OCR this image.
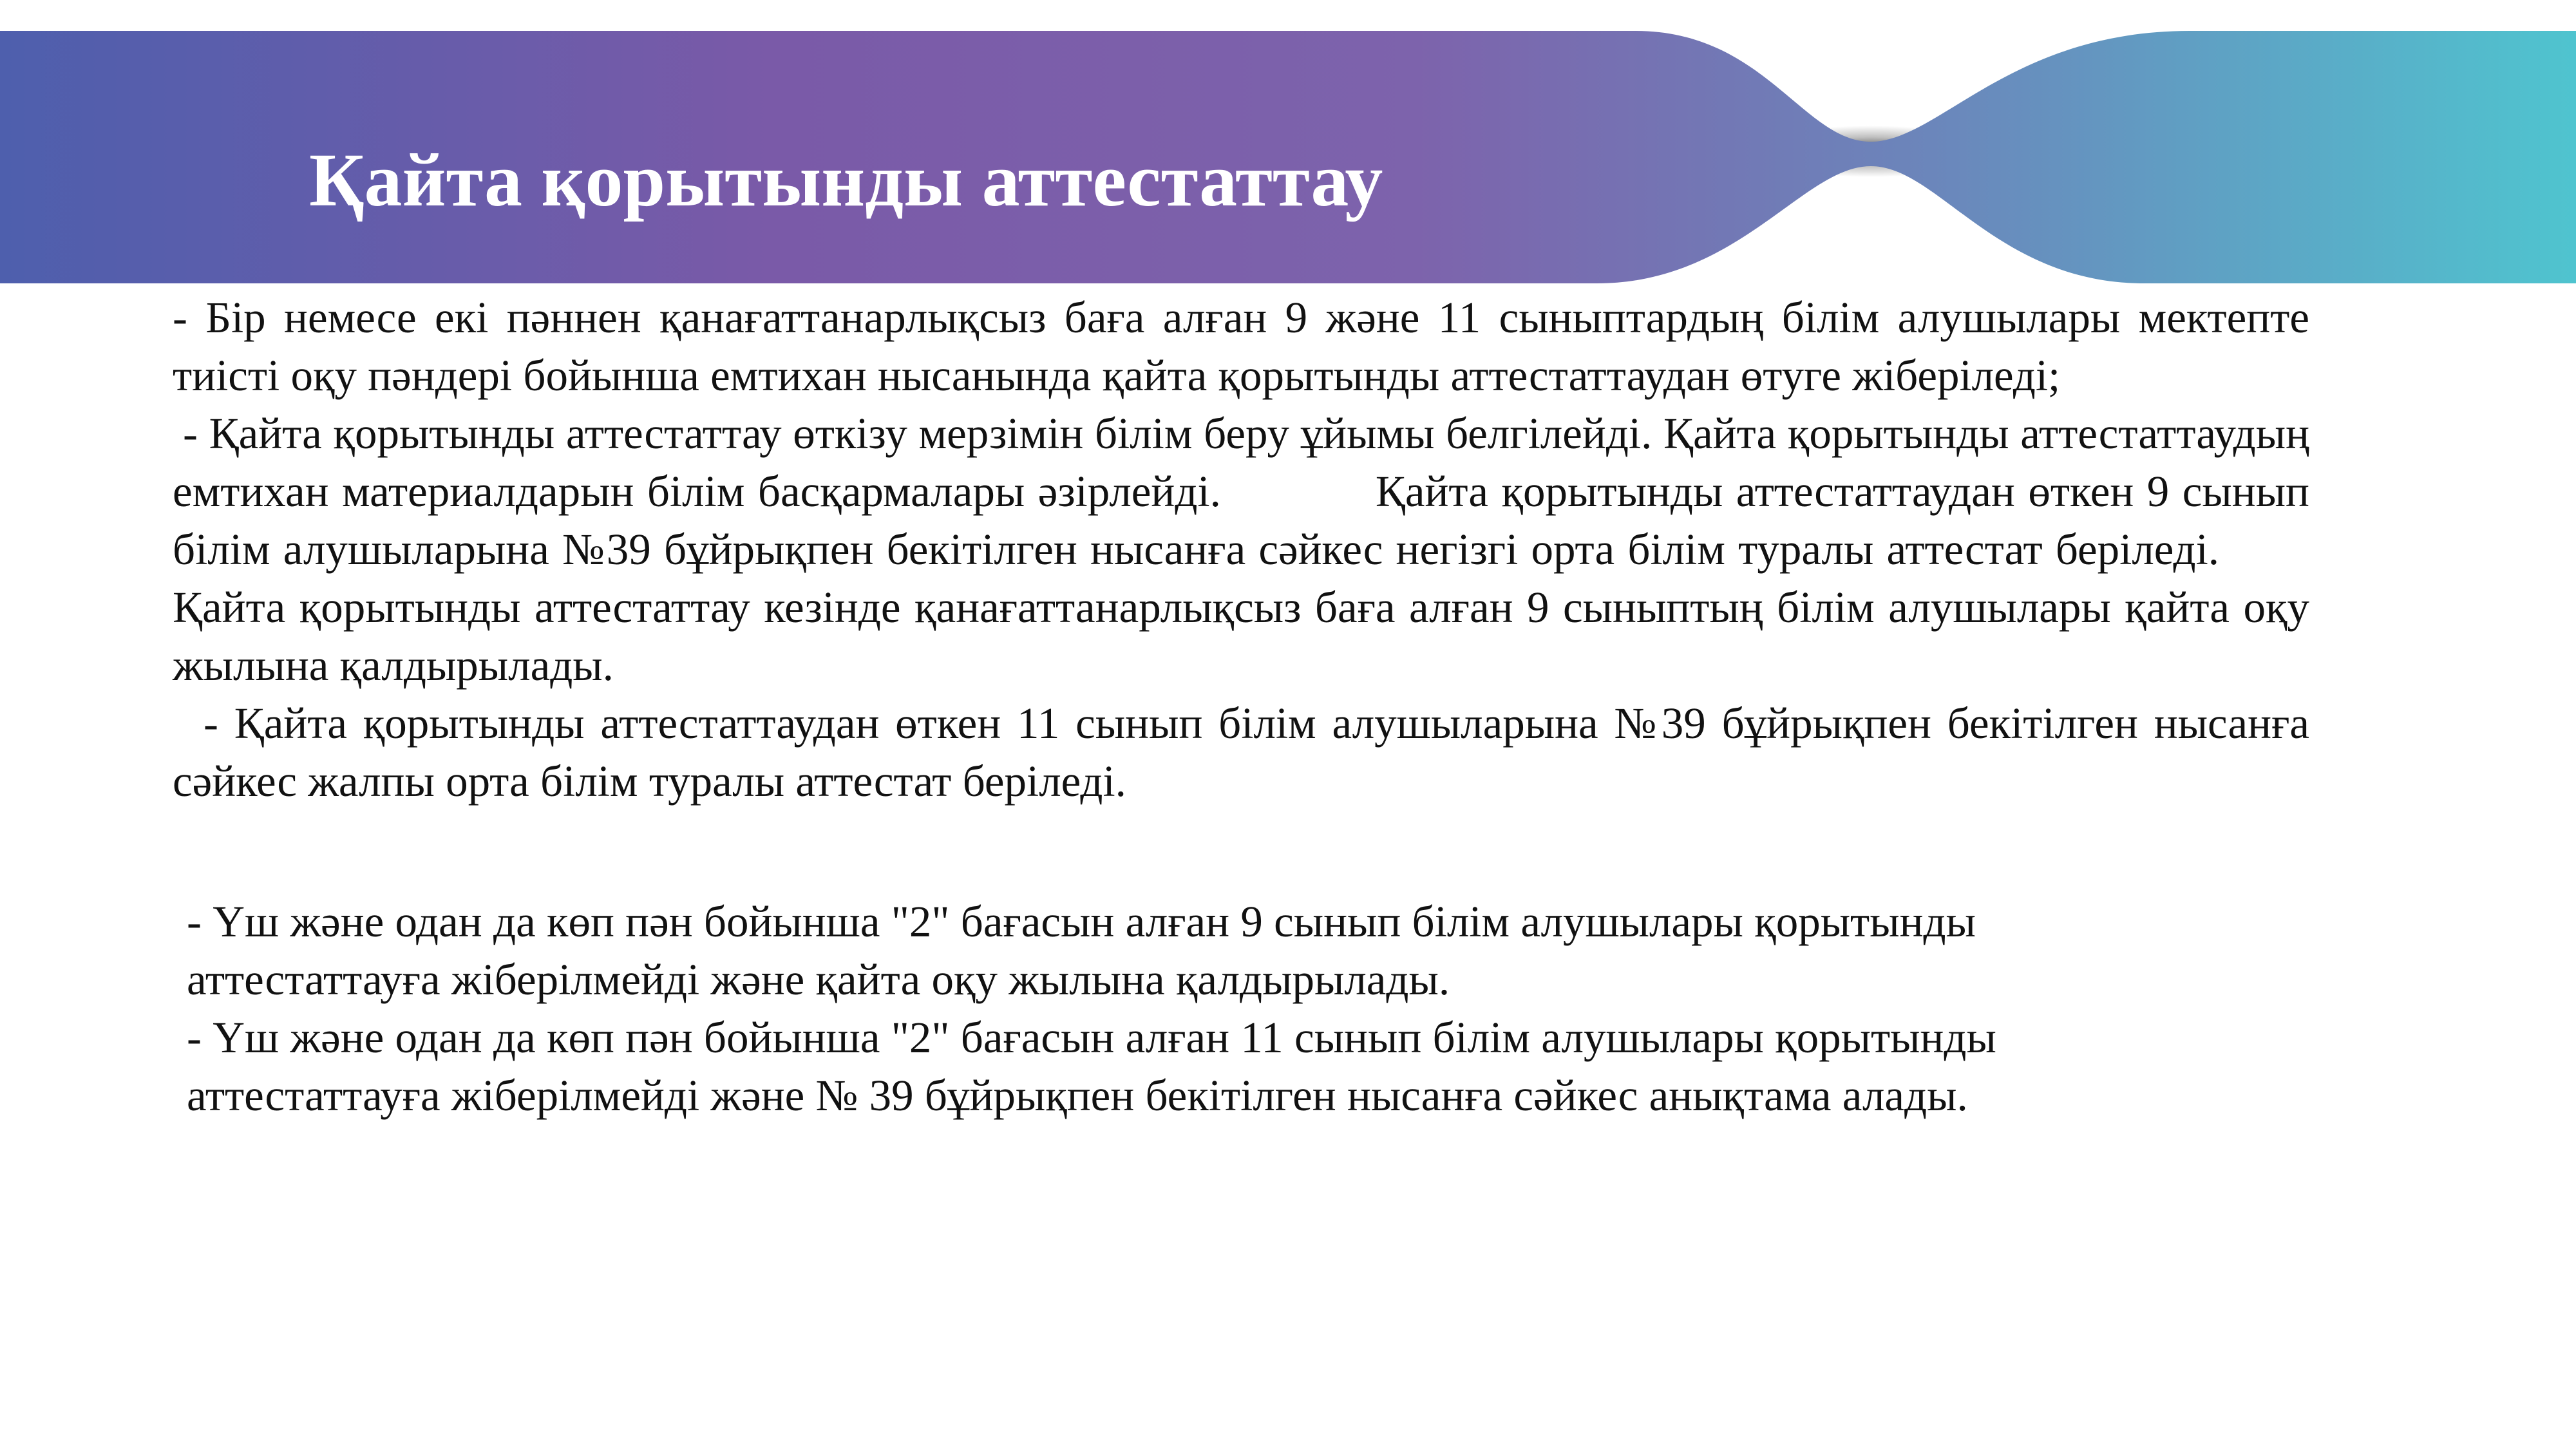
Қайта қорытынды аттестаттау

- Бір немесе екі пәннен қанағаттанарлықсыз баға алған 9 және 11 сыныптардың білім алушылары мектепте тиісті оқу пәндері бойынша емтихан нысанында қайта қорытынды аттестаттаудан өтуге жіберіледі;

- Қайта қорытынды аттестаттау өткізу мерзімін білім беру ұйымы белгілейді. Қайта қорытынды аттестаттаудың емтихан материалдарын білім басқармалары әзірлейді.	Қайта қорытынды аттестаттаудан өткен 9 сынып білім алушыларына №39 бұйрықпен бекітілген нысанға сәйкес негізгі орта білім туралы аттестат беріледі.Қайта қорытынды аттестаттау кезінде қанағаттанарлықсыз баға алған 9 сыныптың білім алушылары қайта оқу жылына қалдырылады.

- Қайта қорытынды аттестаттаудан өткен 11 сынып білім алушыларына №39 бұйрықпен бекітілген нысанға сәйкес жалпы орта білім туралы аттестат беріледі.

- Үш және одан да көп пән бойынша "2" бағасын алған 9 сынып білім алушылары қорытынды

аттестаттауға жіберілмейді және қайта оқу жылына қалдырылады.

- Үш және одан да көп пән бойынша "2" бағасын алған 11 сынып білім алушылары қорытынды

аттестаттауға жіберілмейді және № 39 бұйрықпен бекітілген нысанға сәйкес анықтама алады.
